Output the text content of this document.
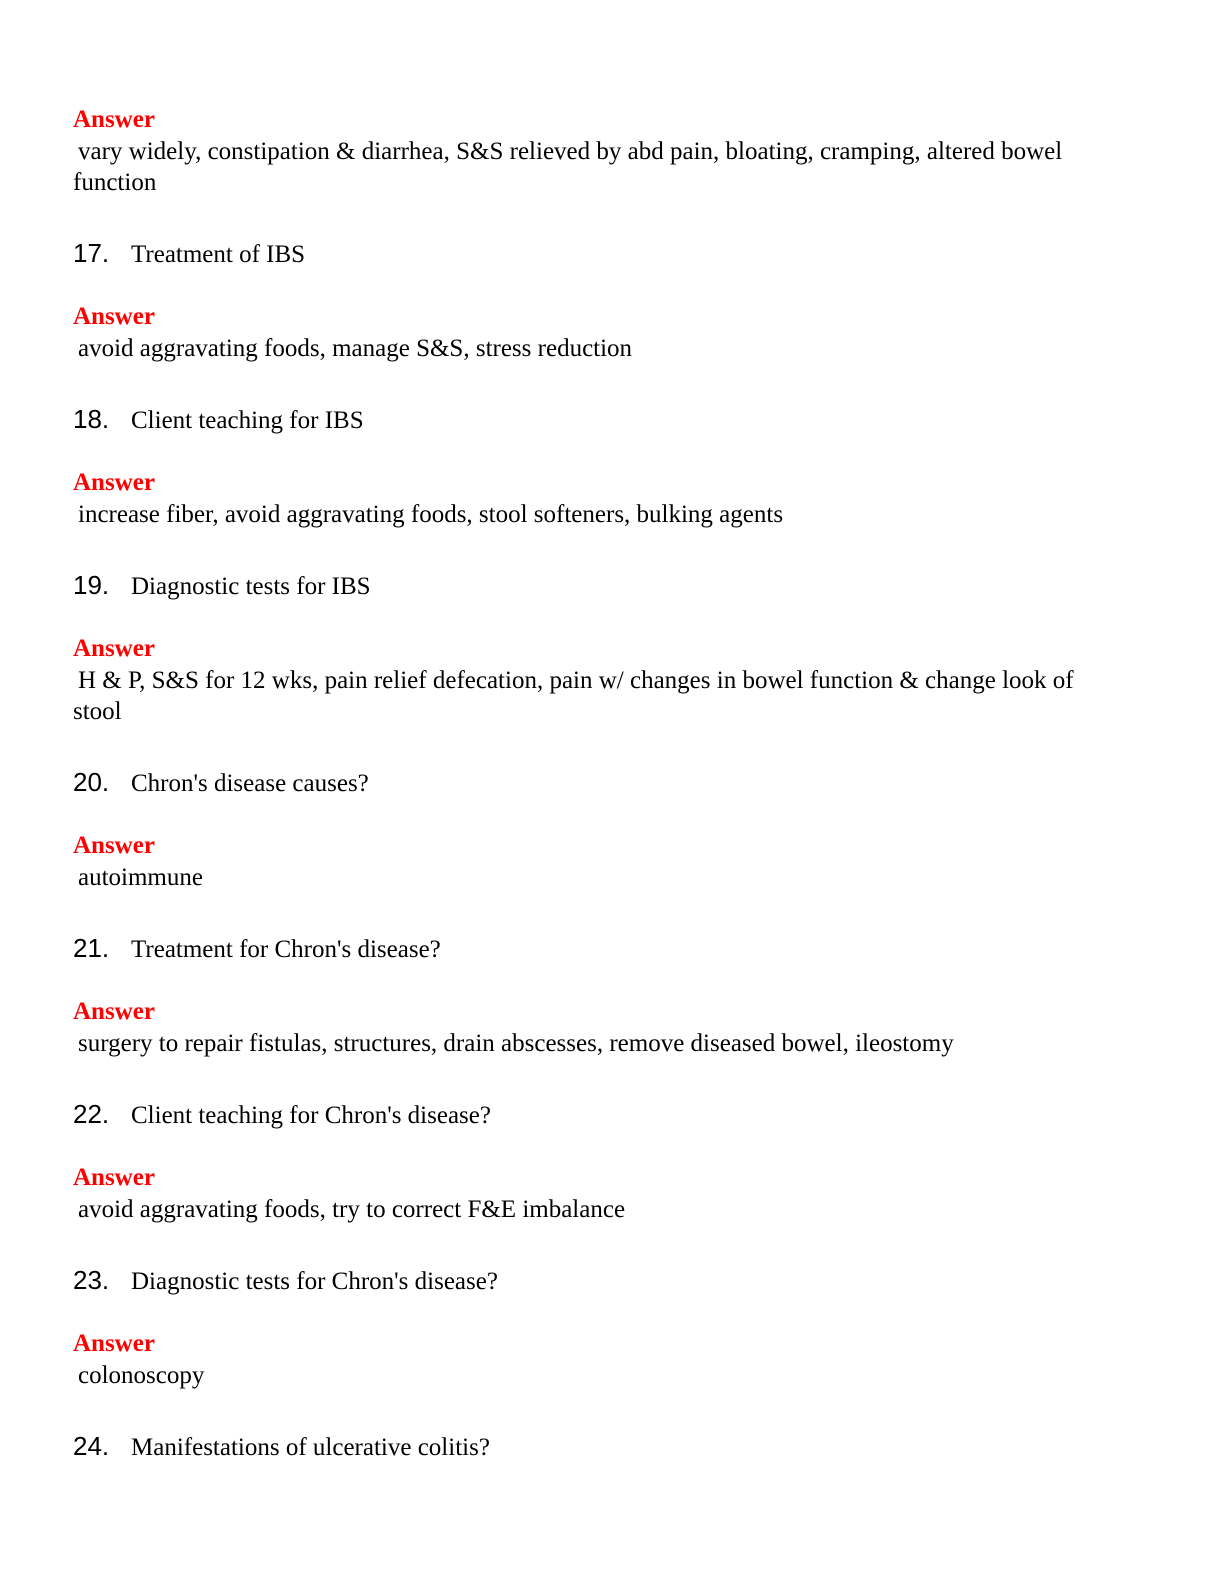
Answer
vary widely, constipation & diarrhea, S&S relieved by abd pain, bloating, cramping, altered bowel function
17. Treatment of IBS
Answer
avoid aggravating foods, manage S&S, stress reduction
18. Client teaching for IBS
Answer
increase fiber, avoid aggravating foods, stool softeners, bulking agents
19. Diagnostic tests for IBS
Answer
H & P, S&S for 12 wks, pain relief defecation, pain w/ changes in bowel function & change look of stool
20. Chron's disease causes?
Answer
autoimmune
21. Treatment for Chron's disease?
Answer
surgery to repair fistulas, structures, drain abscesses, remove diseased bowel, ileostomy
22. Client teaching for Chron's disease?
Answer
avoid aggravating foods, try to correct F&E imbalance
23. Diagnostic tests for Chron's disease?
Answer
colonoscopy
24. Manifestations of ulcerative colitis?
